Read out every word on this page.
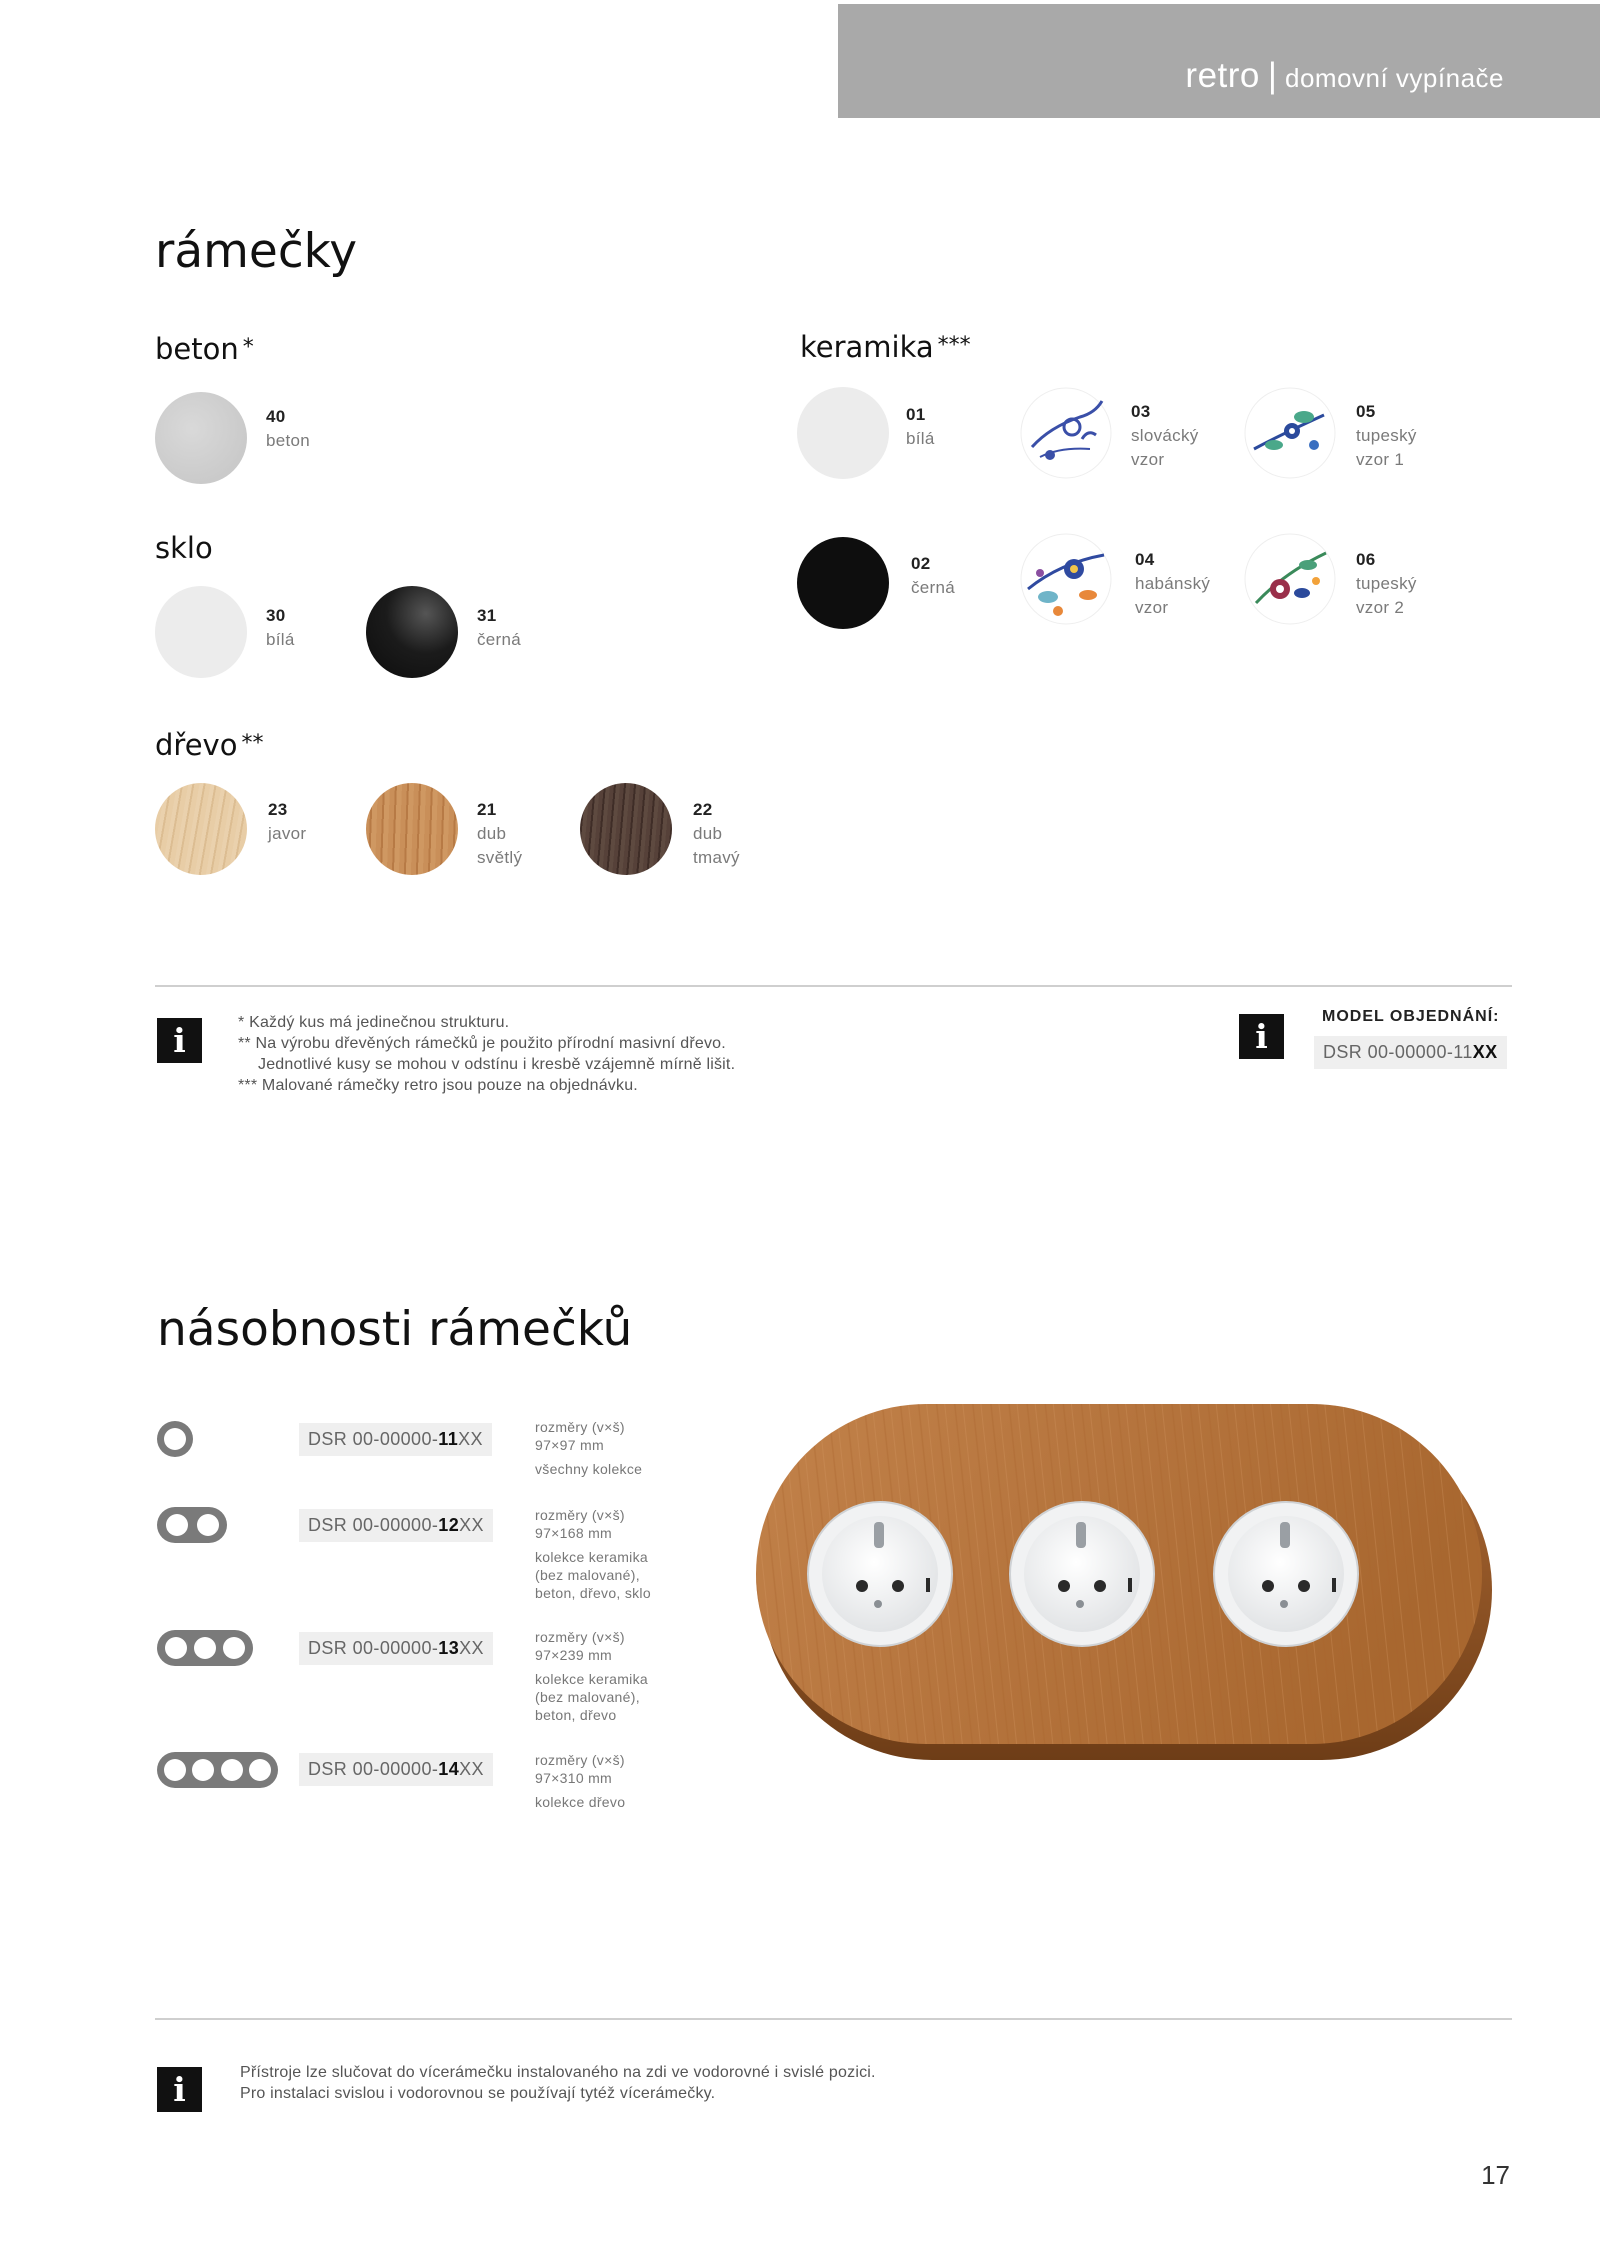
retro | domovní vypínače
rámečky
beton *
40
beton
sklo
30
bílá
31
černá
dřevo **
23
javor
21
dub
světlý
22
dub
tmavý
keramika ***
01
bílá
03
slovácký
vzor
05
tupeský
vzor 1
02
černá
04
habánský
vzor
06
tupeský
vzor 2
i	* Každý kus má jedinečnou strukturu.
** Na výrobu dřevěných rámečků je použito přírodní masivní dřevo.
Jednotlivé kusy se mohou v odstínu i kresbě vzájemně mírně lišit.
*** Malované rámečky retro jsou pouze na objednávku.
i
MODEL OBJEDNÁNÍ:
DSR 00-00000-11XX
násobnosti rámečků
DSR 00-00000-11XX
rozměry (v×š)
97×97 mm
všechny kolekce
DSR 00-00000-12XX	rozměry (v×š)
97×168 mm
kolekce keramika
(bez malované),
beton, dřevo, sklo
DSR 00-00000-13XX
rozměry (v×š)
97×239 mm
kolekce keramika
(bez malované),
beton, dřevo
DSR 00-00000-14XX	rozměry (v×š)
97×310 mm
kolekce dřevo
i	Přístroje lze slučovat do vícerámečku instalovaného na zdi ve vodorovné i svislé pozici.
Pro instalaci svislou i vodorovnou se používají tytéž vícerámečky.
17
